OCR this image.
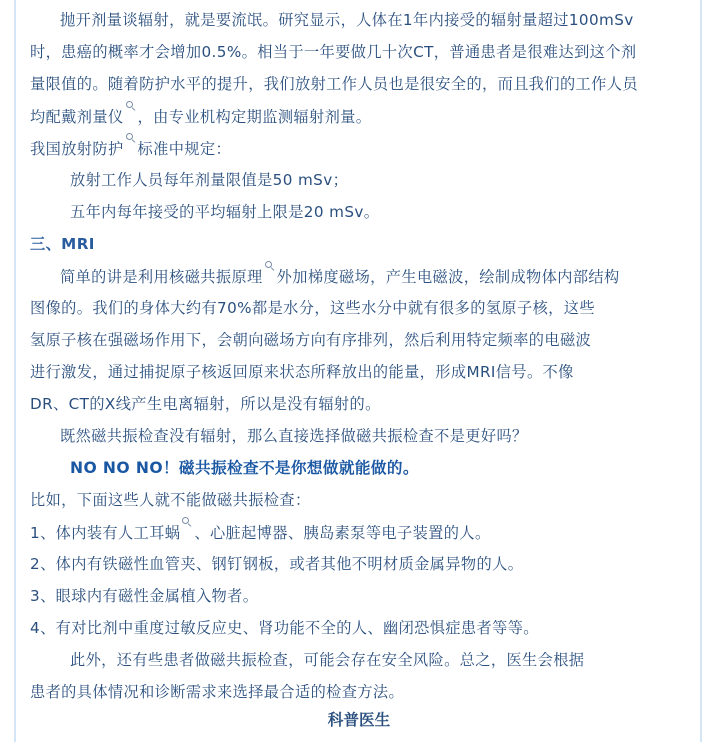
抛开剂量谈辐射，就是要流氓。研究显示，人体在1年内接受的辐射量超过100mSv
时，患癌的概率才会增加0.5%。相当于一年要做几十次CT，普通患者是很难达到这个剂
量限值的。随着防护水平的提升，我们放射工作人员也是很安全的，而且我们的工作人员
均配戴剂量仪 ，由专业机构定期监测辐射剂量。
我国放射防护 标准中规定：
放射工作人员每年剂量限值是50 mSv；
五年内每年接受的平均辐射上限是20 mSv。
三、MRI
简单的讲是利用核磁共振原理 外加梯度磁场，产生电磁波，绘制成物体内部结构
图像的。我们的身体大约有70%都是水分，这些水分中就有很多的氢原子核，这些
氢原子核在强磁场作用下，会朝向磁场方向有序排列，然后利用特定频率的电磁波
进行激发，通过捕捉原子核返回原来状态所释放出的能量，形成MRI信号。不像
DR、CT的X线产生电离辐射，所以是没有辐射的。
既然磁共振检查没有辐射，那么直接选择做磁共振检查不是更好吗？
NO NO NO！磁共振检查不是你想做就能做的。
比如，下面这些人就不能做磁共振检查：
1、体内装有人工耳蜗 、心脏起博器、胰岛素泵等电子装置的人。
2、体内有铁磁性血管夹、钢钉钢板，或者其他不明材质金属异物的人。
3、眼球内有磁性金属植入物者。
4、有对比剂中重度过敏反应史、肾功能不全的人、幽闭恐惧症患者等等。
此外，还有些患者做磁共振检查，可能会存在安全风险。总之，医生会根据
患者的具体情况和诊断需求来选择最合适的检查方法。
科普医生
